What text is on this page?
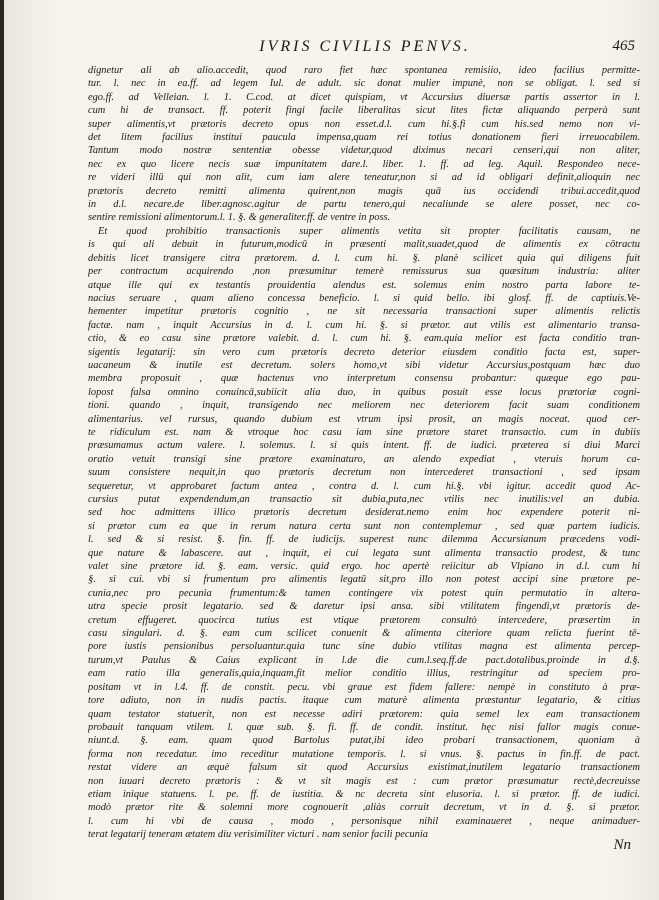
IVRIS CIVILIS PENVS.	465
dignetur ali ab alio.accedit, quod raro fiet hæc spontanea remisiio, ideo facilius permitte-
tur. l. nec in ea.ff. ad legem Iul. de adult. sic donat mulier impunè, non se obligat. l. sed si
ego.ff. ad Velleian. l. 1. C.cod. at dicet quispiam, vt Accursius diuersæ partis assertor in l.
cum hi de transact. ff. poterit fingi facile liberalitas sicut lites fictæ aliquando perperà sunt
super alimentis,vt prætoris decreto opus non esset.d.l. cum hi.§.fi cum his.sed nemo non vi-
det litem facilius institui paucula impensa,quam rei totius donationem fieri irreuocabilem.
Tantum modo nostræ sententiæ obesse videtur,quod diximus necari censeri,qui non aliter,
nec ex quo licere necis suæ impunitatem dare.l. liber. 1. ff. ad leg. Aquil. Respondeo nece-
re videri illū qui non alit, cum iam alere teneatur,non si ad id obligari definit,alioquin nec
prætoris decreto remitti alimenta quirent,non magis quā ius occidendi tribui.accedit,quod
in d.l. necare.de liber.agnosc.agitur de partu tenero,qui necaliunde se alere posset, nec co-
sentire remissioni alimentorum.l. 1. §. & generaliter.ff. de ventre in poss.
Et quod prohibitio transactionis super alimentis vetita sit propter facilitatis causam, ne
is qui ali debuit in futurum,modicū in præsenti malit,suadet,quod de alimentis ex cōtractu
debitis licet transigere citra prætorem. d. l. cum hi. §. planè scilicet quia qui diligens fuit
per contractum acquirendo ,non præsumitur temerè remissurus sua quæsitum industria: aliter
atque ille qui ex testantis prouidentia alendus est. solemus enim nostro parta labore te-
nacius seruare , quam alieno concessa beneficio. l. si quid bello. ibi glosf. ff. de captiuis.Ve-
hementer impetitur prætoris cognitio , ne sit necessaria transactioni super alimentis relictis
factæ. nam , inquit Accursius in d. l. cum hi. §. si prætor. aut vtilis est alimentario transa-
ctio, & eo casu sine prætore valebit. d. l. cum hi. §. eam.quia melior est facta conditio tran-
sigentis legatarij: sin vero cum prætoris decreto deterior eiusdem conditio facta est, super-
uacaneum & inutile est decretum. solers homo,vt sibi videtur Accursius,postquam hæc duo
membra proposuit , quæ hactenus vno interpretum consensu probantur: quæque ego pau-
lopost falsa omnino conuincā,subiicit alia duo, in quibus posuit esse locus prætoriæ cogni-
tioni. quando , inquit, transigendo nec meliorem nec deteriorem facit suam conditionem
alimentarius. vel rursus, quando dubium est vtrum ipsi prosit, an magis noceat. quod cer-
te ridiculum est. nam & vtroque hoc casu iam sine prætore staret transactio. cum in dubiis
præsumamus actum valere. l. solemus. l. si quis intent. ff. de iudici. præterea si diui Marci
oratio vetuit transigi sine prætore examinaturo, an alendo expediat , vteruis horum ca-
suum consistere nequit,in quo prætoris decretum non intercederet transactioni , sed ipsam
sequeretur, vt approbaret factum antea , contra d. l. cum hi.§. vbi igitur. accedit quod Ac-
cursius putat expendendum,an transactio sit dubia,puta,nec vtilis nec inutilis:vel an dubia.
sed hoc admittens illico prætoris decretum desiderat.nemo enim hoc expendere poterit ni-
si prætor cum ea que in rerum natura certa sunt non contemplemur , sed quæ partem iudicis.
l. sed & si resist. §. fin. ff. de iudicijs. superest nunc dilemma Accursianum præcedens vodi-
que nature & labascere. aut , inquit, ei cui legata sunt alimenta transactio prodest, & tunc
valet sine prætore id. §. eam. versic. quid ergo. hoc apertè reiicitur ab Vlpiano in d.l. cum hi
§. si cui. vbi si frumentum pro alimentis legatū sit,pro illo non potest accipi sine prætore pe-
cunia,nec pro pecunia frumentum:& tamen contingere vix potest quin permutatio in altera-
utra specie prosit legatario. sed & daretur ipsi ansa. sibi vtilitatem fingendi,vt prætoris de-
cretum effugeret. quocirca tutius est vtique prætorem consultò intercedere, præsertim in
casu singulari. d. §. eam cum scilicet conuenit & alimenta citeriore quam relicta fuerint tē-
pore iustis pensionibus persoluantur.quia tunc sine dubio vtilitas magna est alimenta percep-
turum,vt Paulus & Caius explicant in l.de die cum.l.seq.ff.de pact.dotalibus.proinde in d.§.
eam ratio illa generalis,quia,inquam,fit melior conditio illius, restringitur ad speciem pro-
positam vt in l.4. ff. de constit. pecu. vbi graue est fidem fallere: nempè in constituto à præ-
tore adiuto, non in nudis pactis. itaque cum maturè alimenta præstantur legatario, & citius
quam testator statuerit, non est necesse adiri prætorem: quia semel lex eam transactionem
probauit tanquam vtilem. l. quæ sub. §. fi. ff. de condit. institut. hęc nisi fallor magis conue-
niunt.d. §. eam. quam quod Bartolus putat,ibi ideo probari transactionem, quoniam à
forma non recedatur. imo receditur mutatione temporis. l. si vnus. §. pactus in fin.ff. de pact.
restat videre an æquè falsum sit quod Accursius existimat,inutilem legatario transactionem
non iuuari decreto prætoris : & vt sit magis est : cum prætor præsumatur rectè,decreuisse
etiam inique statuens. l. pe. ff. de iustitia. & nc decreta sint elusoria. l. si prætor. ff. de iudici.
modò prætor rite & solemni more cognouerit ,aliàs corruit decretum, vt in d. §. si prætor.
l. cum hi vbi de causa , modo , personisque nihil examinaueret , neque animaduer-
terat legatarij teneram ætatem diu verisimiliter victuri . nam senior facili pecunia
Nn
